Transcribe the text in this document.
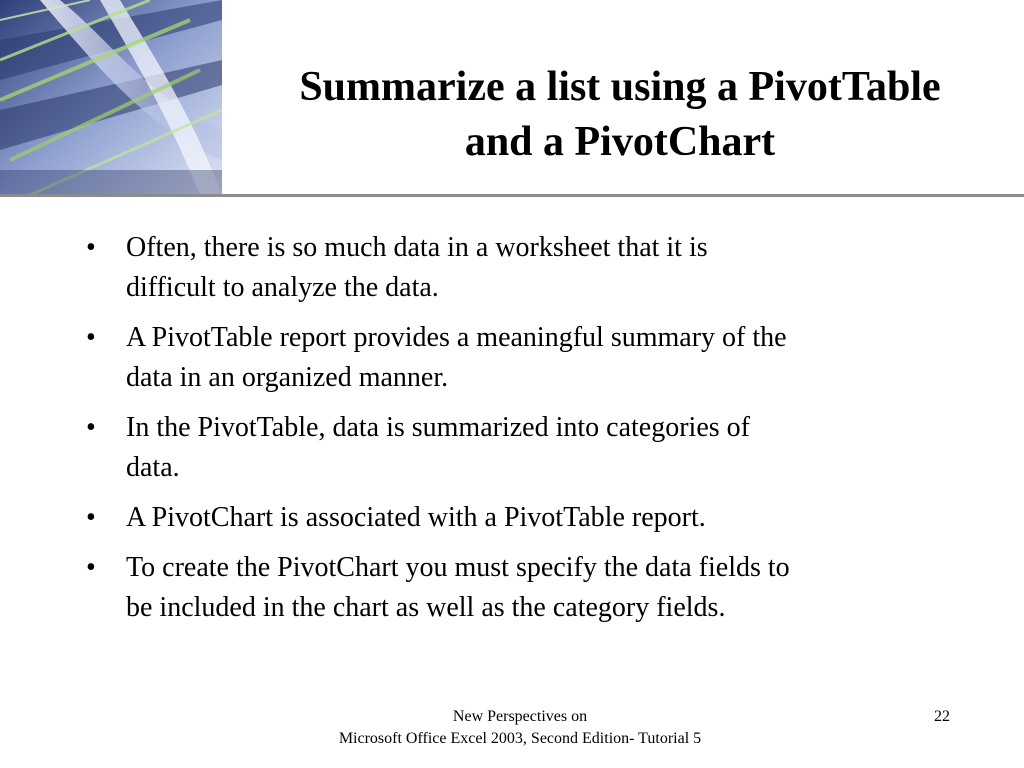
Summarize a list using a PivotTable
and a PivotChart
•	Often, there is so much data in a worksheet that it is
difficult to analyze the data.
•	A PivotTable report provides a meaningful summary of the
data in an organized manner.
•	In the PivotTable, data is summarized into categories of
data.
•	A PivotChart is associated with a PivotTable report.
•	To create the PivotChart you must specify the data fields to
be included in the chart as well as the category fields.
New Perspectives on
Microsoft Office Excel 2003, Second Edition- Tutorial 5
22
